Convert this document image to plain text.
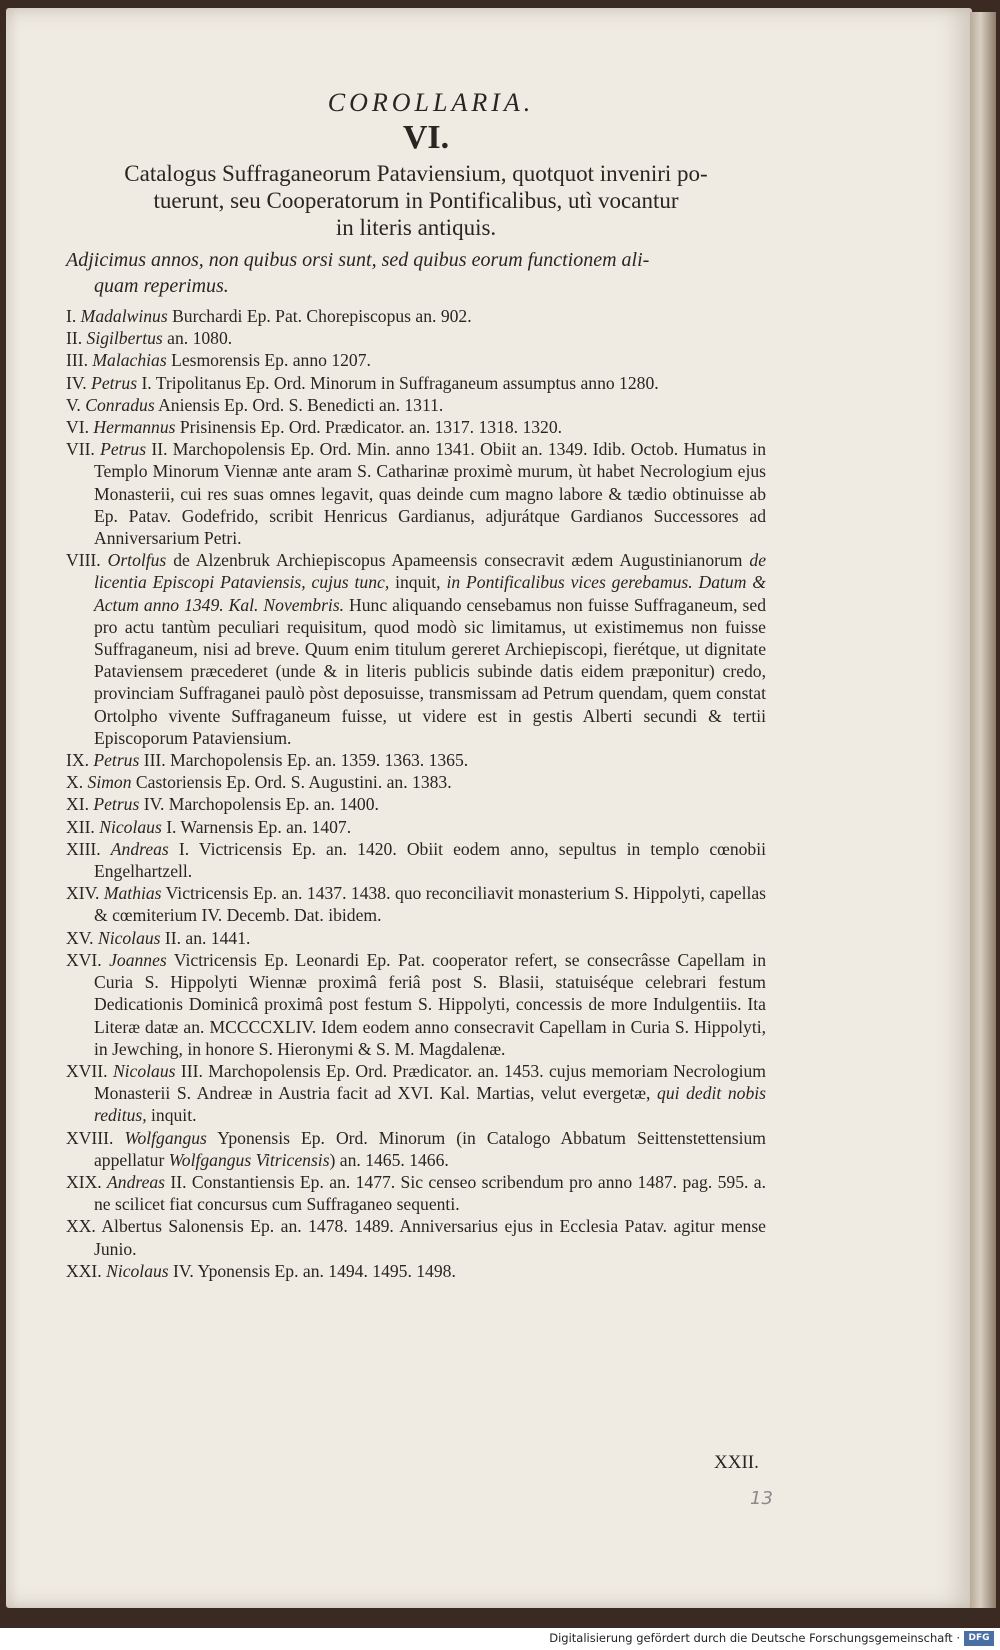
COROLLARIA.

VI.

Catalogus Suffraganeorum Pataviensium, quotquot inveniri po-
tuerunt, seu Cooperatorum in Pontificalibus, utì vocantur
in literis antiquis.
Adjicimus annos, non quibus orsi sunt, sed quibus eorum functionem ali-
quam reperimus.
I. Madalwinus Burchardi Ep. Pat. Chorepiscopus an. 902.
II. Sigilbertus an. 1080.
III. Malachias Lesmorensis Ep. anno 1207.
IV. Petrus I. Tripolitanus Ep. Ord. Minorum in Suffraganeum assumptus anno 1280.
V. Conradus Aniensis Ep. Ord. S. Benedicti an. 1311.
VI. Hermannus Prisinensis Ep. Ord. Prædicator. an. 1317. 1318. 1320.
VII. Petrus II. Marchopolensis Ep. Ord. Min. anno 1341. Obiit an. 1349. Idib. Octob. Humatus in Templo Minorum Viennæ ante aram S. Catharinæ proximè murum, ùt habet Necrologium ejus Monasterii, cui res suas omnes legavit, quas deinde cum magno labore & tædio obtinuisse ab Ep. Patav. Godefrido, scribit Henricus Gardianus, adjurátque Gardianos Successores ad Anniversarium Petri.
VIII. Ortolfus de Alzenbruk Archiepiscopus Apameensis consecravit ædem Augustinianorum de licentia Episcopi Pataviensis, cujus tunc, inquit, in Pontificalibus vices gerebamus. Datum & Actum anno 1349. Kal. Novembris. Hunc aliquando censebamus non fuisse Suffraganeum, sed pro actu tantùm peculiari requisitum, quod modò sic limitamus, ut existimemus non fuisse Suffraganeum, nisi ad breve. Quum enim titulum gereret Archiepiscopi, fierétque, ut dignitate Pataviensem præcederet (unde & in literis publicis subinde datis eidem præponitur) credo, provinciam Suffraganei paulò pòst deposuisse, transmissam ad Petrum quendam, quem constat Ortolpho vivente Suffraganeum fuisse, ut videre est in gestis Alberti secundi & tertii Episcoporum Pataviensium.
IX. Petrus III. Marchopolensis Ep. an. 1359. 1363. 1365.
X. Simon Castoriensis Ep. Ord. S. Augustini. an. 1383.
XI. Petrus IV. Marchopolensis Ep. an. 1400.
XII. Nicolaus I. Warnensis Ep. an. 1407.
XIII. Andreas I. Victricensis Ep. an. 1420. Obiit eodem anno, sepultus in templo cœnobii Engelhartzell.
XIV. Mathias Victricensis Ep. an. 1437. 1438. quo reconciliavit monasterium S. Hippolyti, capellas & cœmiterium IV. Decemb. Dat. ibidem.
XV. Nicolaus II. an. 1441.
XVI. Joannes Victricensis Ep. Leonardi Ep. Pat. cooperator refert, se consecrâsse Capellam in Curia S. Hippolyti Wiennæ proximâ feriâ post S. Blasii, statuiséque celebrari festum Dedicationis Dominicâ proximâ post festum S. Hippolyti, concessis de more Indulgentiis. Ita Literæ datæ an. MCCCCXLIV. Idem eodem anno consecravit Capellam in Curia S. Hippolyti, in Jewching, in honore S. Hieronymi & S. M. Magdalenæ.
XVII. Nicolaus III. Marchopolensis Ep. Ord. Prædicator. an. 1453. cujus memoriam Necrologium Monasterii S. Andreæ in Austria facit ad XVI. Kal. Martias, velut evergetæ, qui dedit nobis reditus, inquit.
XVIII. Wolfgangus Yponensis Ep. Ord. Minorum (in Catalogo Abbatum Seittenstettensium appellatur Wolfgangus Vitricensis) an. 1465. 1466.
XIX. Andreas II. Constantiensis Ep. an. 1477. Sic censeo scribendum pro anno 1487. pag. 595. a. ne scilicet fiat concursus cum Suffraganeo sequenti.
XX. Albertus Salonensis Ep. an. 1478. 1489. Anniversarius ejus in Ecclesia Patav. agitur mense Junio.
XXI. Nicolaus IV. Yponensis Ep. an. 1494. 1495. 1498.
XXII.
13
Digitalisierung gefördert durch die Deutsche Forschungsgemeinschaft · DFG
